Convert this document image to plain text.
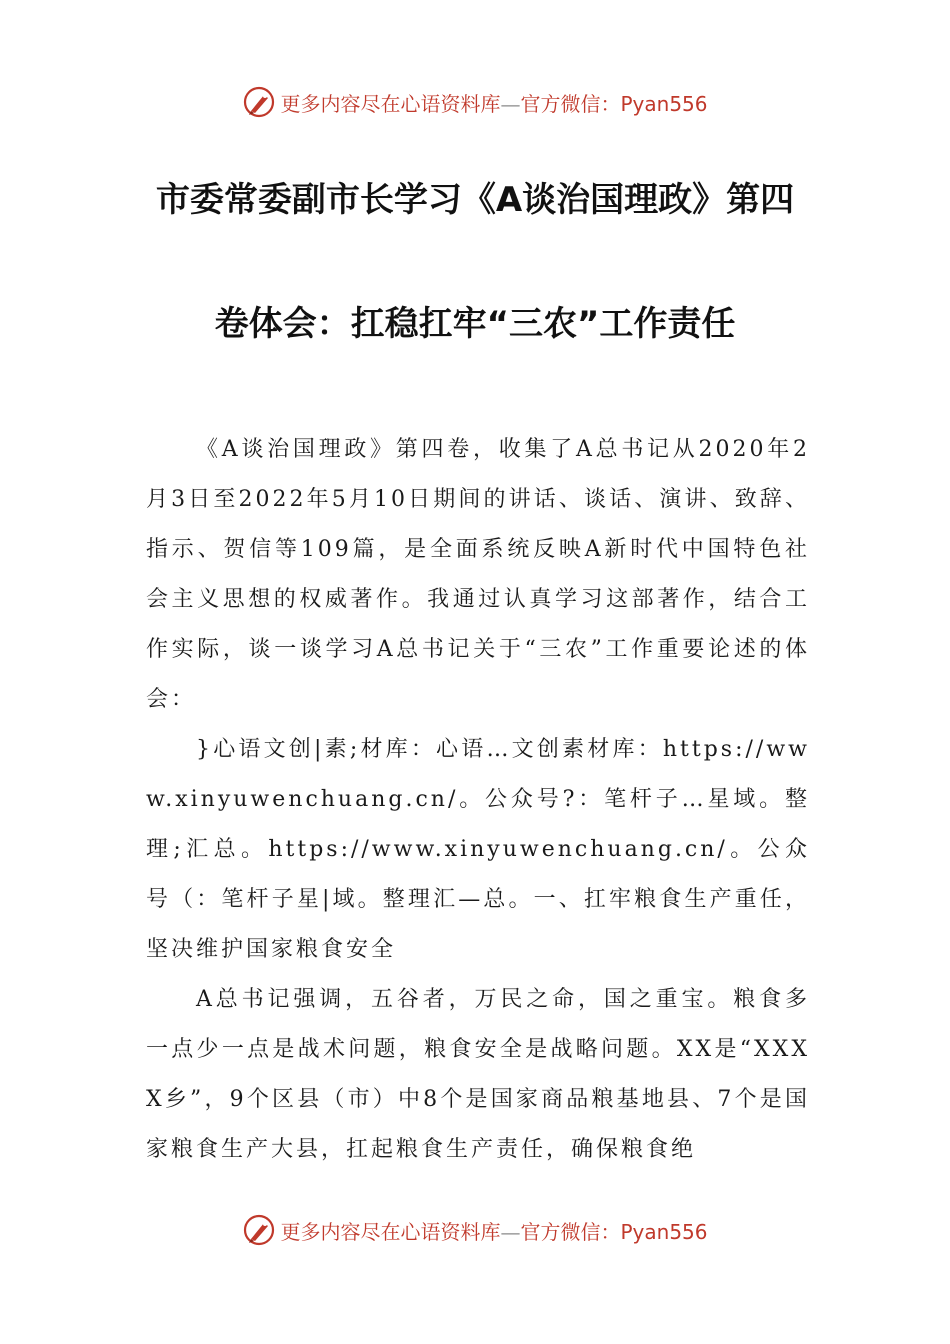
更多内容尽在心语资料库—官方微信：Pyan556
市委常委副市长学习《A谈治国理政》第四
卷体会：扛稳扛牢“三农”工作责任

《A谈治国理政》第四卷，收集了A总书记从2020年2月3日至2022年5月10日期间的讲话、谈话、演讲、致辞、指示、贺信等109篇，是全面系统反映A新时代中国特色社会主义思想的权威著作。我通过认真学习这部著作，结合工作实际，谈一谈学习A总书记关于“三农”工作重要论述的体会：

}心语文创|素;材库：心语…文创素材库：https://www.xinyuwenchuang.cn/。公众号?：笔杆子…星域。整理;汇总。https://www.xinyuwenchuang.cn/。公众号（：笔杆子星|域。整理汇—总。一、扛牢粮食生产重任，坚决维护国家粮食安全

A总书记强调，五谷者，万民之命，国之重宝。粮食多一点少一点是战术问题，粮食安全是战略问题。XX是“XXXX乡”，9个区县（市）中8个是国家商品粮基地县、7个是国家粮食生产大县，扛起粮食生产责任，确保粮食绝

更多内容尽在心语资料库—官方微信：Pyan556
